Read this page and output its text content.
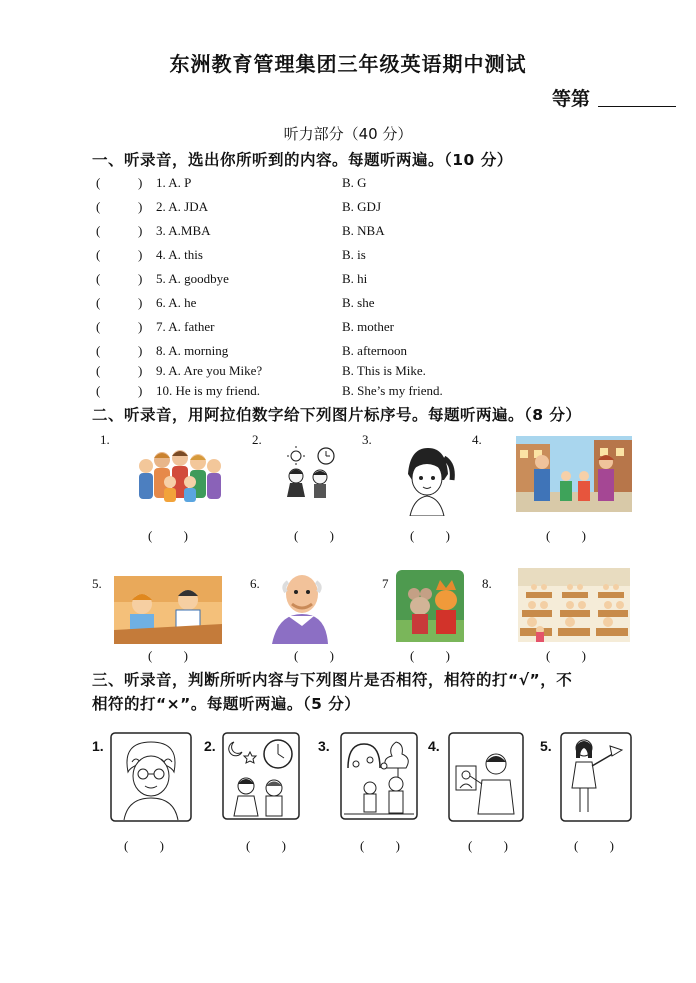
东洲教育管理集团三年级英语期中测试
等第
听力部分（40 分）
一、听录音，选出你所听到的内容。每题听两遍。（10 分）
(	) 1. A. P	B. G
(	) 2. A. JDA	B. GDJ
(	) 3. A.MBA	B. NBA
(	) 4. A. this	B. is
(	) 5. A. goodbye	B. hi
(	) 6. A. he	B. she
(	) 7. A. father	B. mother
(	) 8. A. morning	B. afternoon
(	) 9. A. Are you Mike?	B. This is Mike.
(	) 10. He is my friend.	B. She’s my friend.
二、听录音，用阿拉伯数字给下列图片标序号。每题听两遍。（8 分）
1.	2.	3.	4.
( )	( )	( )	( )
5.	6.	7	8.
( )	( )	( )	( )
三、听录音，判断所听内容与下列图片是否相符，相符的打“√”，不
相符的打“×”。每题听两遍。（5 分）
1.	2.	3.	4.	5.
( )	( )	( )	( )	( )
